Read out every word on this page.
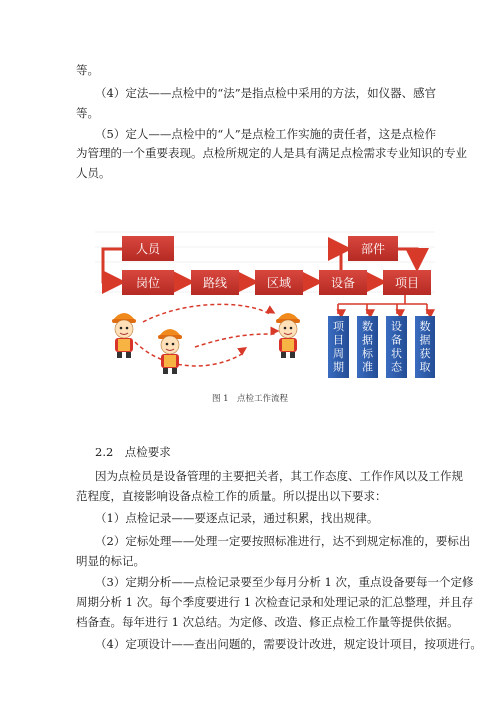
等。
（4）定法——点检中的“法”是指点检中采用的方法，如仪器、感官
等。
（5）定人——点检中的“人”是点检工作实施的责任者，这是点检作
为管理的一个重要表现。点检所规定的人是具有满足点检需求专业知识的专业
人员。
人员
岗位	路线	区域	设备
部件
项目
项目周期
数据标准
设备状态
数据获取
图 1　点检工作流程
2.2　点检要求
因为点检员是设备管理的主要把关者，其工作态度、工作作风以及工作规
范程度，直接影响设备点检工作的质量。所以提出以下要求：
（1）点检记录——要逐点记录，通过积累，找出规律。
（2）定标处理——处理一定要按照标准进行，达不到规定标准的，要标出
明显的标记。
（3）定期分析——点检记录要至少每月分析 1 次，重点设备要每一个定修
周期分析 1 次。每个季度要进行 1 次检查记录和处理记录的汇总整理，并且存
档备查。每年进行 1 次总结。为定修、改造、修正点检工作量等提供依据。
（4）定项设计——查出问题的，需要设计改进，规定设计项目，按项进行。
